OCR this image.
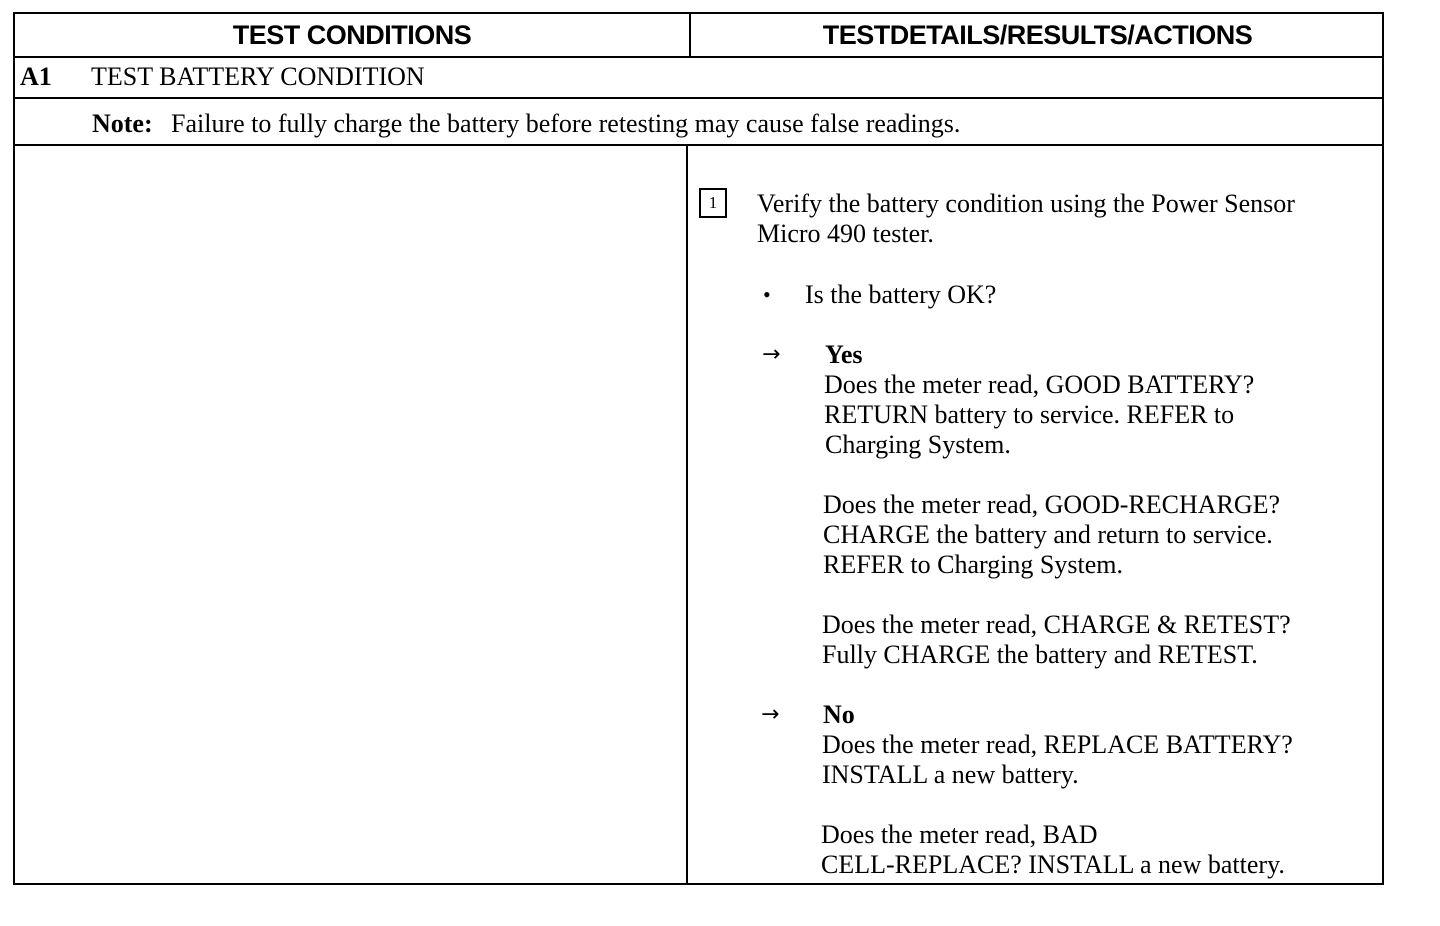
TEST CONDITIONS	TESTDETAILS/RESULTS/ACTIONS
A1 TEST BATTERY CONDITION
Note: Failure to fully charge the battery before retesting may cause false readings.
1	Verify the battery condition using the Power Sensor
Micro 490 tester.
• Is the battery OK?
→ Yes
Does the meter read, GOOD BATTERY?
RETURN battery to service. REFER to
Charging System.
Does the meter read, GOOD-RECHARGE?
CHARGE the battery and return to service.
REFER to Charging System.
Does the meter read, CHARGE & RETEST?
Fully CHARGE the battery and RETEST.
→ No
Does the meter read, REPLACE BATTERY?
INSTALL a new battery.
Does the meter read, BAD
CELL-REPLACE? INSTALL a new battery.
